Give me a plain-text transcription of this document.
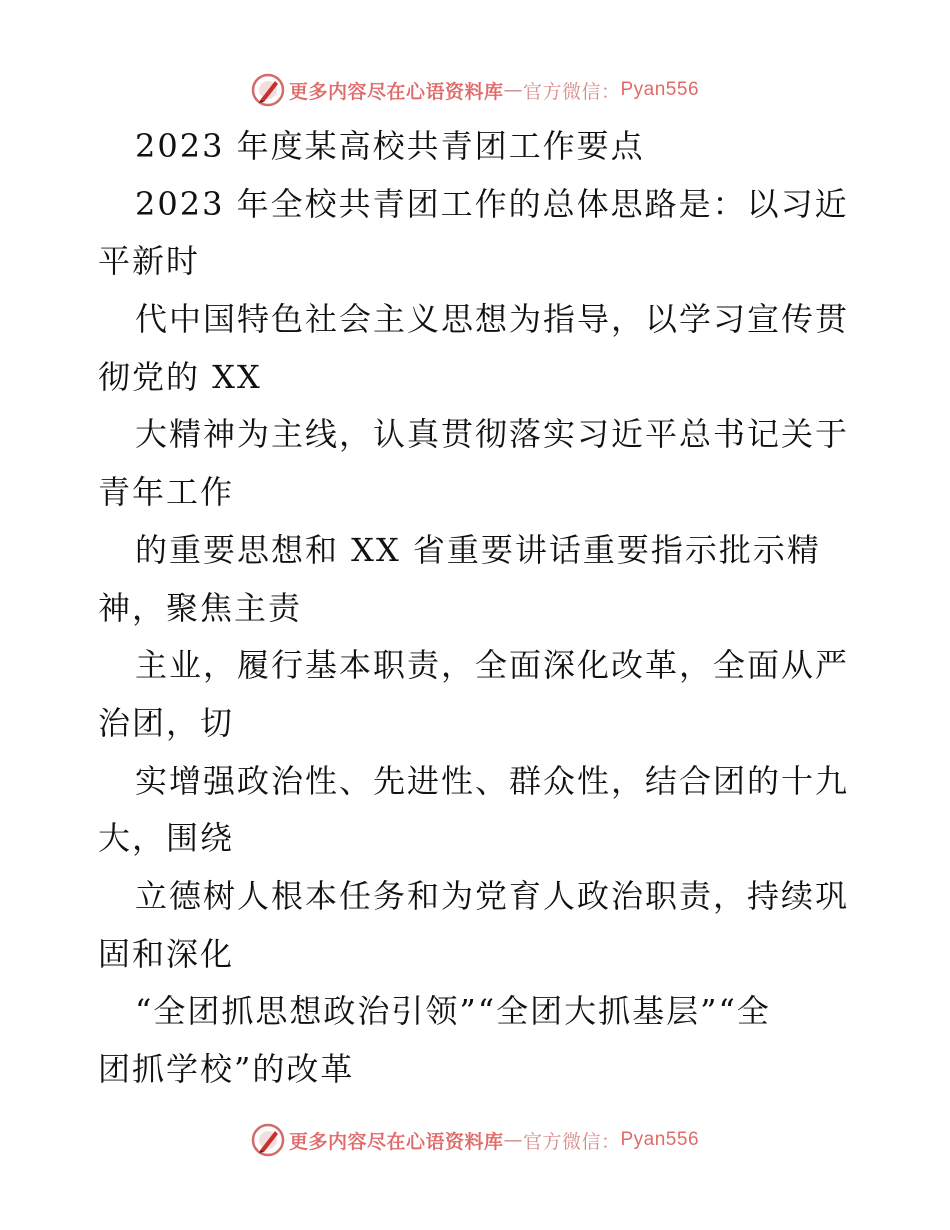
更多内容尽在心语资料库 — 官方微信： Pyan556
2023 年度某高校共青团工作要点
2023 年全校共青团工作的总体思路是：以习近
平新时
代中国特色社会主义思想为指导，以学习宣传贯
彻党的 XX
大精神为主线，认真贯彻落实习近平总书记关于
青年工作
的重要思想和 XX 省重要讲话重要指示批示精
神，聚焦主责
主业，履行基本职责，全面深化改革，全面从严
治团，切
实增强政治性、先进性、群众性，结合团的十九
大，围绕
立德树人根本任务和为党育人政治职责，持续巩
固和深化
“全团抓思想政治引领”“全团大抓基层”“全
团抓学校”的改革
更多内容尽在心语资料库 — 官方微信： Pyan556
